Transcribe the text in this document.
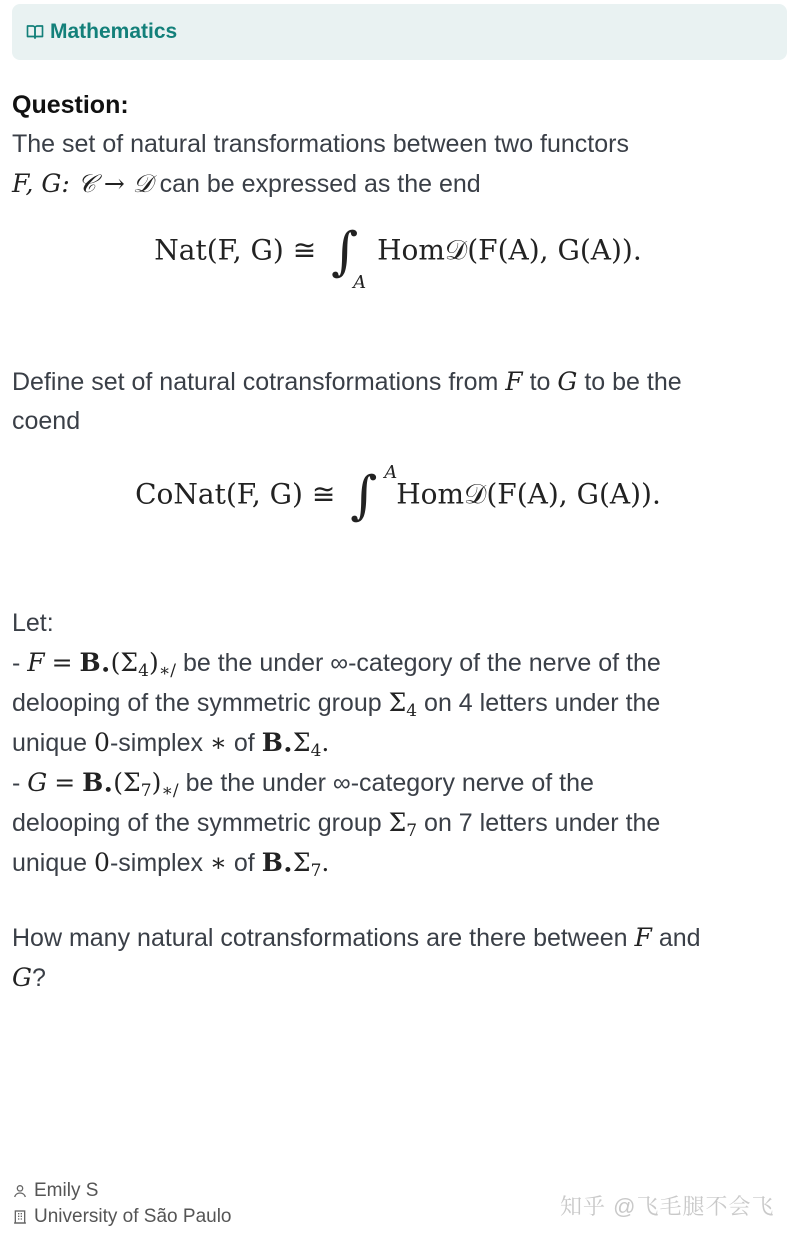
Mathematics
Question:
The set of natural transformations between two functors
F, G: 𝒞 → 𝒟 can be expressed as the end
Nat(F, G) ≅ ∫
A
Hom𝒟(F(A), G(A)).
Define set of natural cotransformations from F to G to be the
coend
CoNat(F, G) ≅ ∫ A
Hom𝒟(F(A), G(A)).
Let:
- $F = B_•(\Sigma_4)_{∗/}$ be the under ∞-category of the nerve of the
delooping of the symmetric group $\Sigma_4$ on 4 letters under the
unique 0-simplex ∗ of $B_•\Sigma_4$.
- $G = B_•(\Sigma_7)_{∗/}$ be the under ∞-category nerve of the
delooping of the symmetric group $\Sigma_7$ on 7 letters under the
unique 0-simplex ∗ of $B_•\Sigma_7$.
How many natural cotransformations are there between F and
G?
Emily S
University of São Paulo	知乎 @飞毛腿不会飞
